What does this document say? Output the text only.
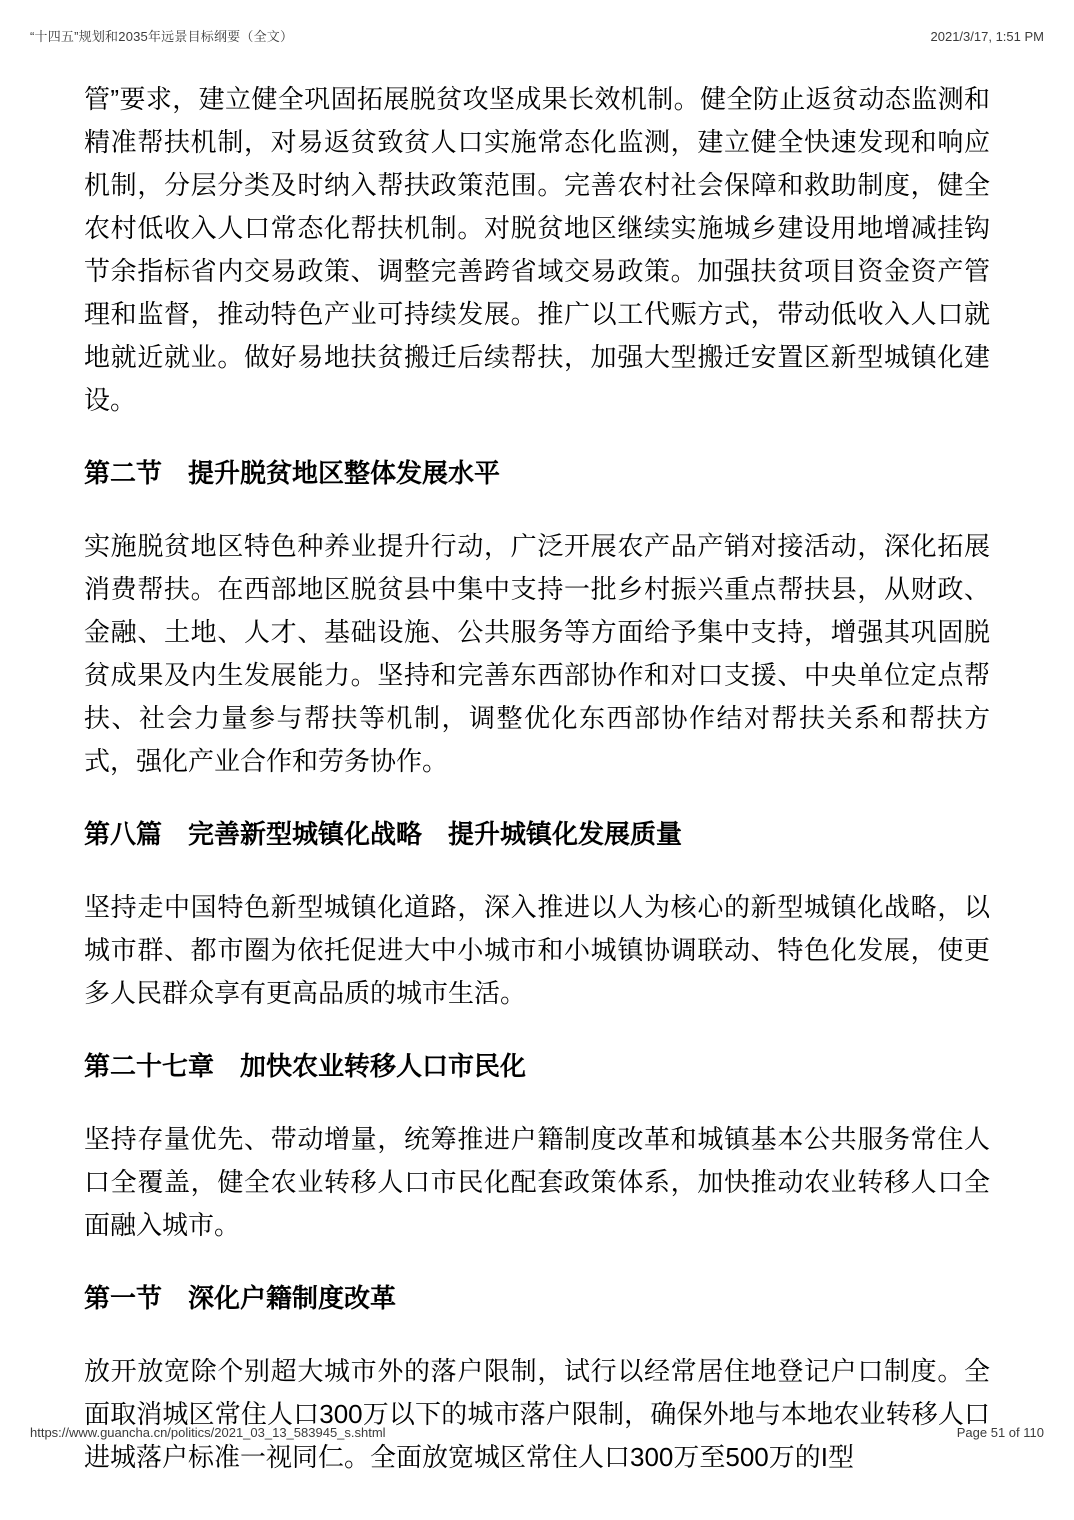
“十四五”规划和2035年远景目标纲要（全文）	2021/3/17, 1:51 PM

管”要求，建立健全巩固拓展脱贫攻坚成果长效机制。健全防止返贫动态监测和精准帮扶机制，对易返贫致贫人口实施常态化监测，建立健全快速发现和响应机制，分层分类及时纳入帮扶政策范围。完善农村社会保障和救助制度，健全农村低收入人口常态化帮扶机制。对脱贫地区继续实施城乡建设用地增减挂钩节余指标省内交易政策、调整完善跨省域交易政策。加强扶贫项目资金资产管理和监督，推动特色产业可持续发展。推广以工代赈方式，带动低收入人口就地就近就业。做好易地扶贫搬迁后续帮扶，加强大型搬迁安置区新型城镇化建设。

第二节　提升脱贫地区整体发展水平

实施脱贫地区特色种养业提升行动，广泛开展农产品产销对接活动，深化拓展消费帮扶。在西部地区脱贫县中集中支持一批乡村振兴重点帮扶县，从财政、金融、土地、人才、基础设施、公共服务等方面给予集中支持，增强其巩固脱贫成果及内生发展能力。坚持和完善东西部协作和对口支援、中央单位定点帮扶、社会力量参与帮扶等机制，调整优化东西部协作结对帮扶关系和帮扶方式，强化产业合作和劳务协作。

第八篇　完善新型城镇化战略　提升城镇化发展质量

坚持走中国特色新型城镇化道路，深入推进以人为核心的新型城镇化战略，以城市群、都市圈为依托促进大中小城市和小城镇协调联动、特色化发展，使更多人民群众享有更高品质的城市生活。

第二十七章　加快农业转移人口市民化

坚持存量优先、带动增量，统筹推进户籍制度改革和城镇基本公共服务常住人口全覆盖，健全农业转移人口市民化配套政策体系，加快推动农业转移人口全面融入城市。

第一节　深化户籍制度改革

放开放宽除个别超大城市外的落户限制，试行以经常居住地登记户口制度。全面取消城区常住人口300万以下的城市落户限制，确保外地与本地农业转移人口进城落户标准一视同仁。全面放宽城区常住人口300万至500万的I型

https://www.guancha.cn/politics/2021_03_13_583945_s.shtml	Page 51 of 110
